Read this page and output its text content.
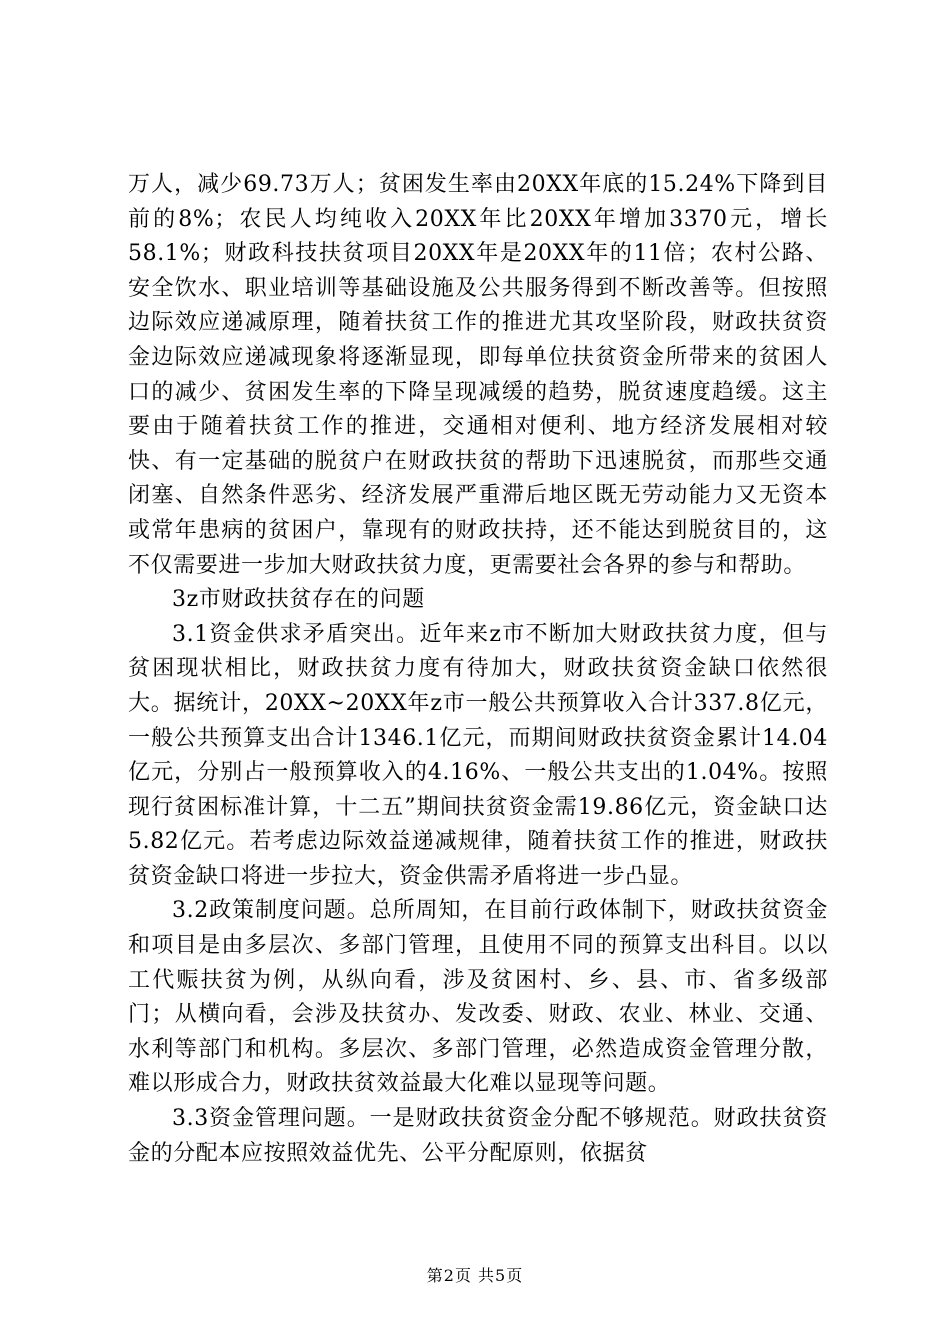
万人，减少69.73万人；贫困发生率由20XX年底的15.24%下降到目前的8%；农民人均纯收入20XX年比20XX年增加3370元，增长58.1%；财政科技扶贫项目20XX年是20XX年的11倍；农村公路、安全饮水、职业培训等基础设施及公共服务得到不断改善等。但按照边际效应递减原理，随着扶贫工作的推进尤其攻坚阶段，财政扶贫资金边际效应递减现象将逐渐显现，即每单位扶贫资金所带来的贫困人口的减少、贫困发生率的下降呈现减缓的趋势，脱贫速度趋缓。这主要由于随着扶贫工作的推进，交通相对便利、地方经济发展相对较快、有一定基础的脱贫户在财政扶贫的帮助下迅速脱贫，而那些交通闭塞、自然条件恶劣、经济发展严重滞后地区既无劳动能力又无资本或常年患病的贫困户，靠现有的财政扶持，还不能达到脱贫目的，这不仅需要进一步加大财政扶贫力度，更需要社会各界的参与和帮助。

3z市财政扶贫存在的问题

3.1资金供求矛盾突出。近年来z市不断加大财政扶贫力度，但与贫困现状相比，财政扶贫力度有待加大，财政扶贫资金缺口依然很大。据统计，20XX~20XX年z市一般公共预算收入合计337.8亿元，一般公共预算支出合计1346.1亿元，而期间财政扶贫资金累计14.04亿元，分别占一般预算收入的4.16%、一般公共支出的1.04%。按照现行贫困标准计算，十二五”期间扶贫资金需19.86亿元，资金缺口达5.82亿元。若考虑边际效益递减规律，随着扶贫工作的推进，财政扶贫资金缺口将进一步拉大，资金供需矛盾将进一步凸显。

3.2政策制度问题。总所周知，在目前行政体制下，财政扶贫资金和项目是由多层次、多部门管理，且使用不同的预算支出科目。以以工代赈扶贫为例，从纵向看，涉及贫困村、乡、县、市、省多级部门；从横向看，会涉及扶贫办、发改委、财政、农业、林业、交通、水利等部门和机构。多层次、多部门管理，必然造成资金管理分散，难以形成合力，财政扶贫效益最大化难以显现等问题。

3.3资金管理问题。一是财政扶贫资金分配不够规范。财政扶贫资金的分配本应按照效益优先、公平分配原则，依据贫

第2页 共5页
